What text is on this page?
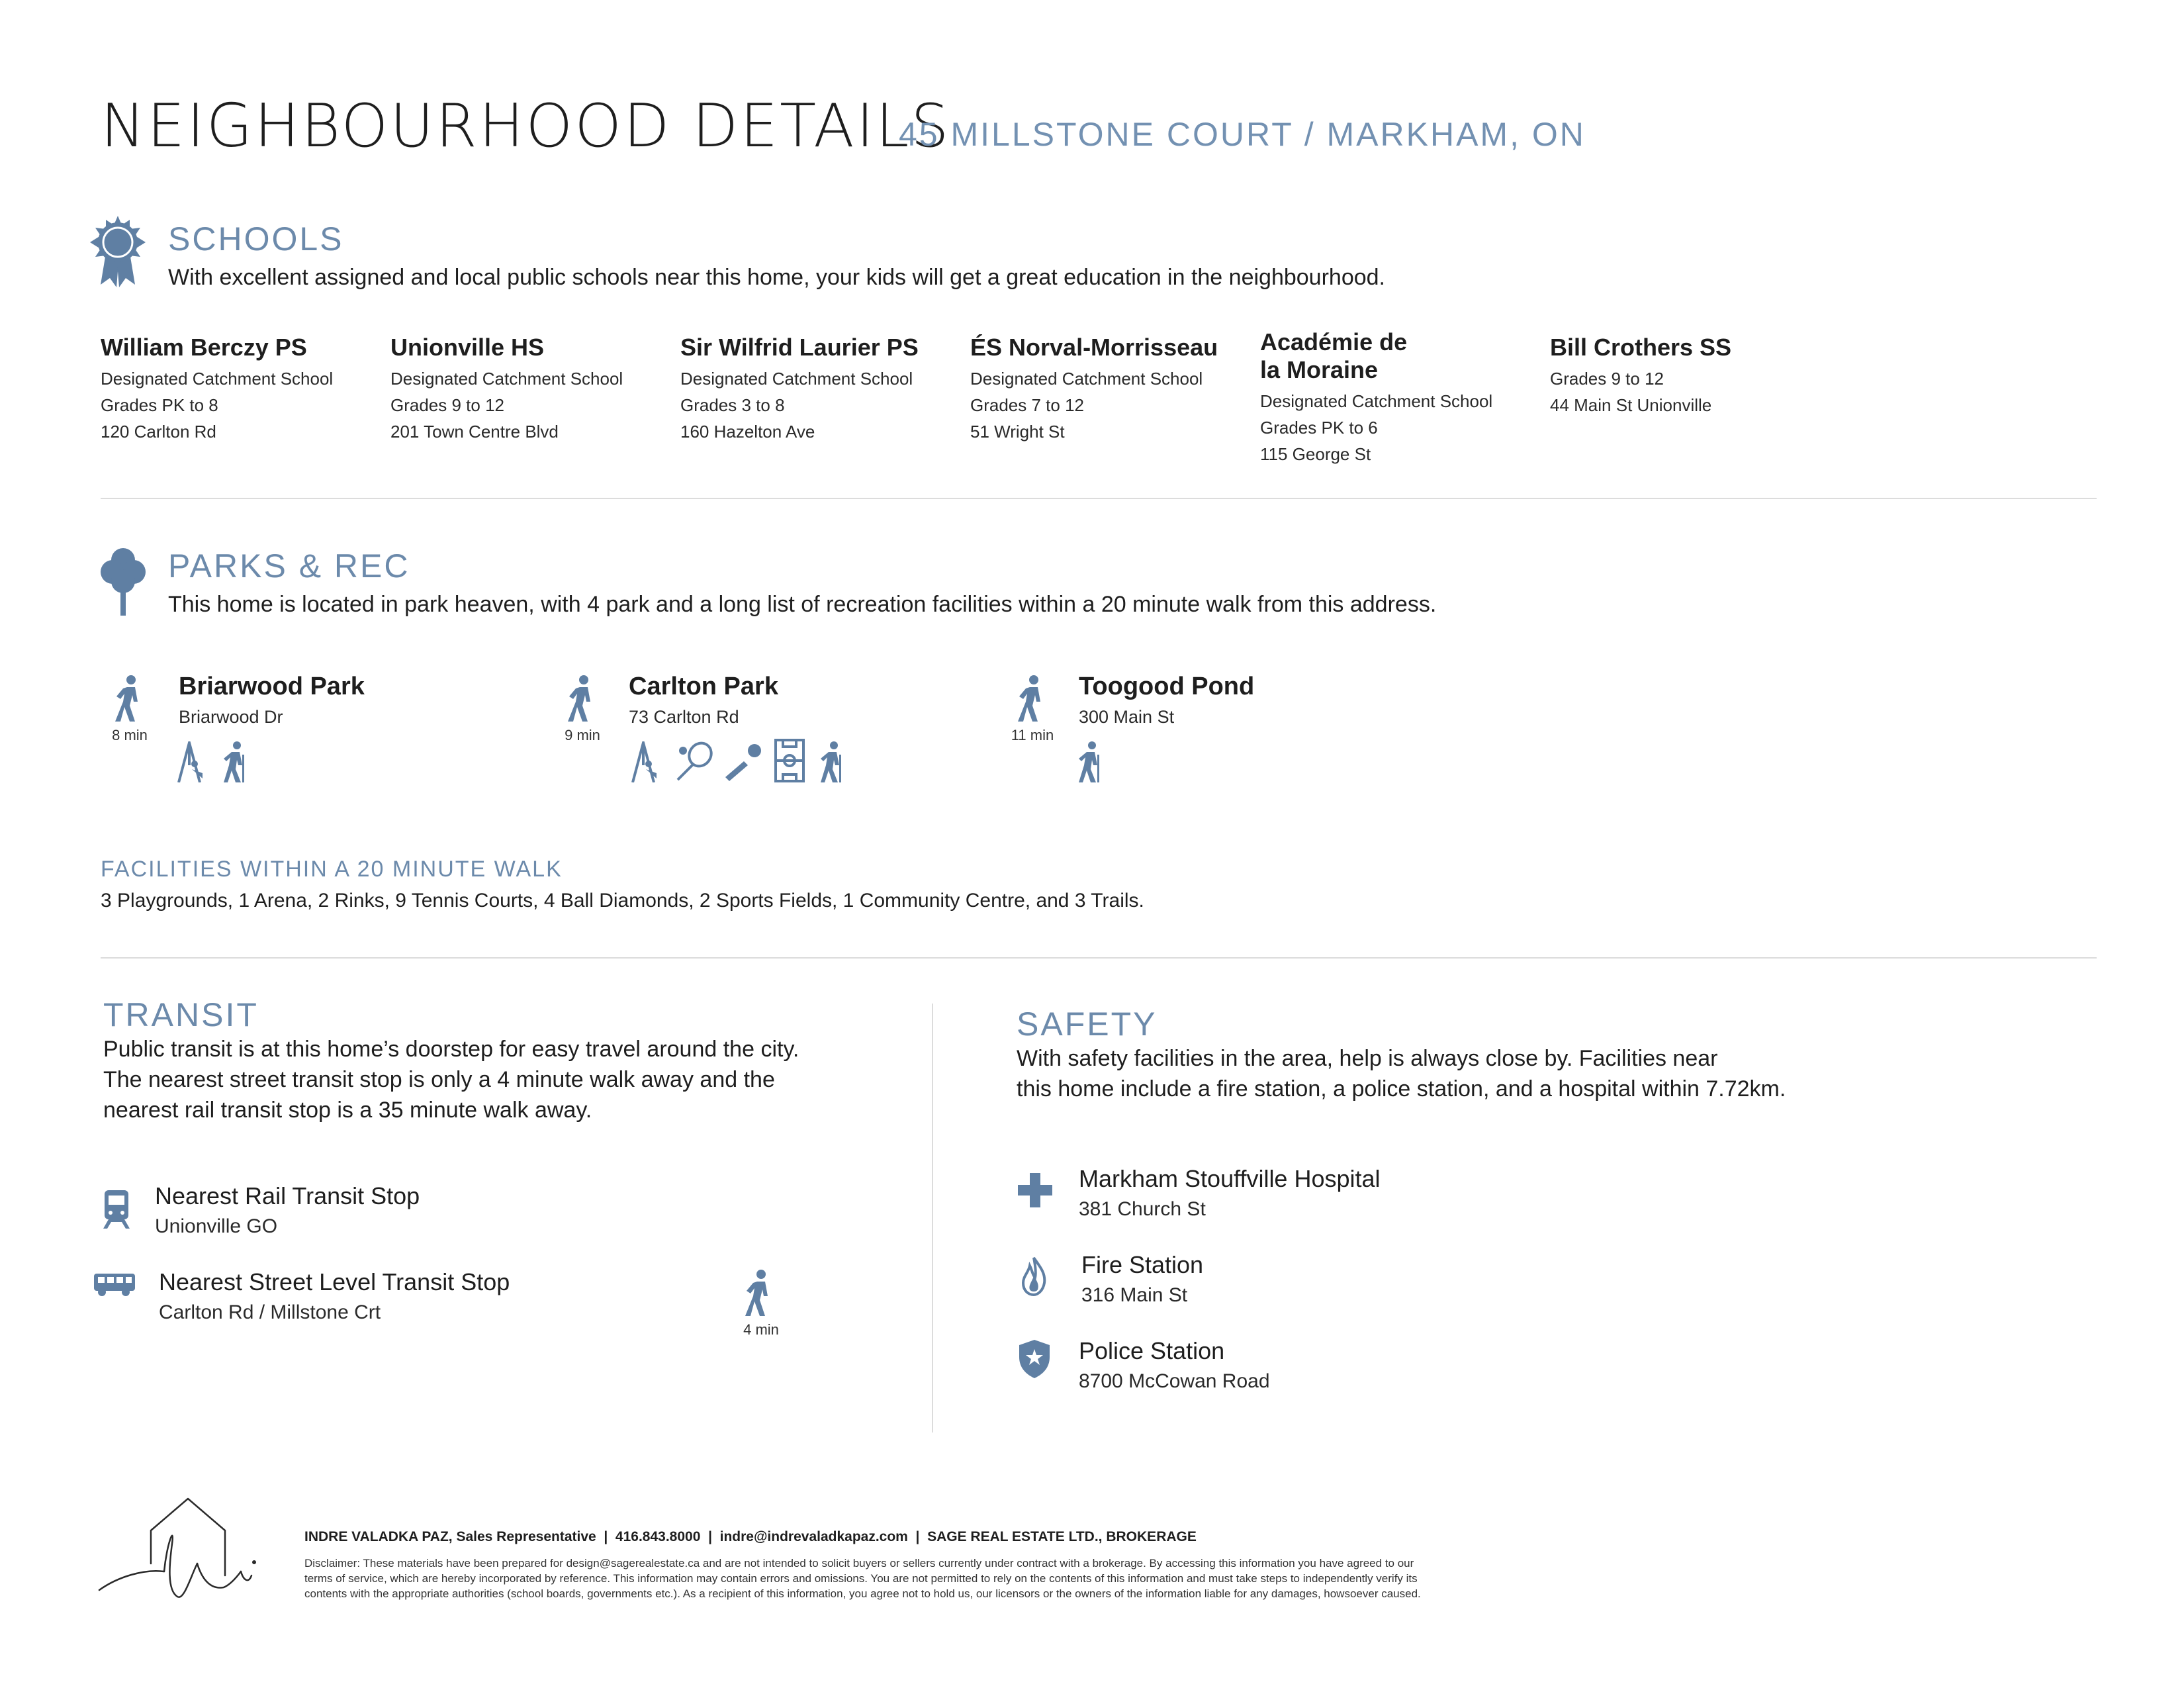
NEIGHBOURHOOD DETAILS
45 MILLSTONE COURT / MARKHAM, ON
SCHOOLS
With excellent assigned and local public schools near this home, your kids will get a great education in the neighbourhood.
William Berczy PS
Designated Catchment School
Grades PK to 8
120 Carlton Rd
Unionville HS
Designated Catchment School
Grades 9 to 12
201 Town Centre Blvd
Sir Wilfrid Laurier PS
Designated Catchment School
Grades 3 to 8
160 Hazelton Ave
ÉS Norval-Morrisseau
Designated Catchment School
Grades 7 to 12
51 Wright St
Académie de
la Moraine
Designated Catchment School
Grades PK to 6
115 George St
Bill Crothers SS
Grades 9 to 12
44 Main St Unionville
PARKS & REC
This home is located in park heaven, with 4 park and a long list of recreation facilities within a 20 minute walk from this address.
8 min
Briarwood Park
Briarwood Dr
9 min
Carlton Park
73 Carlton Rd
11 min
Toogood Pond
300 Main St
FACILITIES WITHIN A 20 MINUTE WALK
3 Playgrounds, 1 Arena, 2 Rinks, 9 Tennis Courts, 4 Ball Diamonds, 2 Sports Fields, 1 Community Centre, and 3 Trails.
TRANSIT
Public transit is at this home’s doorstep for easy travel around the city.
The nearest street transit stop is only a 4 minute walk away and the
nearest rail transit stop is a 35 minute walk away.
Nearest Rail Transit Stop
Unionville GO
Nearest Street Level Transit Stop
Carlton Rd / Millstone Crt
4 min
SAFETY
With safety facilities in the area, help is always close by. Facilities near
this home include a fire station, a police station, and a hospital within 7.72km.
Markham Stouffville Hospital
381 Church St
Fire Station
316 Main St
Police Station
8700 McCowan Road
INDRE VALADKA PAZ, Sales Representative  |  416.843.8000  |  indre@indrevaladkapaz.com  |  SAGE REAL ESTATE LTD., BROKERAGE
Disclaimer: These materials have been prepared for design@sagerealestate.ca and are not intended to solicit buyers or sellers currently under contract with a brokerage. By accessing this information you have agreed to our
terms of service, which are hereby incorporated by reference. This information may contain errors and omissions. You are not permitted to rely on the contents of this information and must take steps to independently verify its
contents with the appropriate authorities (school boards, governments etc.). As a recipient of this information, you agree not to hold us, our licensors or the owners of the information liable for any damages, howsoever caused.
